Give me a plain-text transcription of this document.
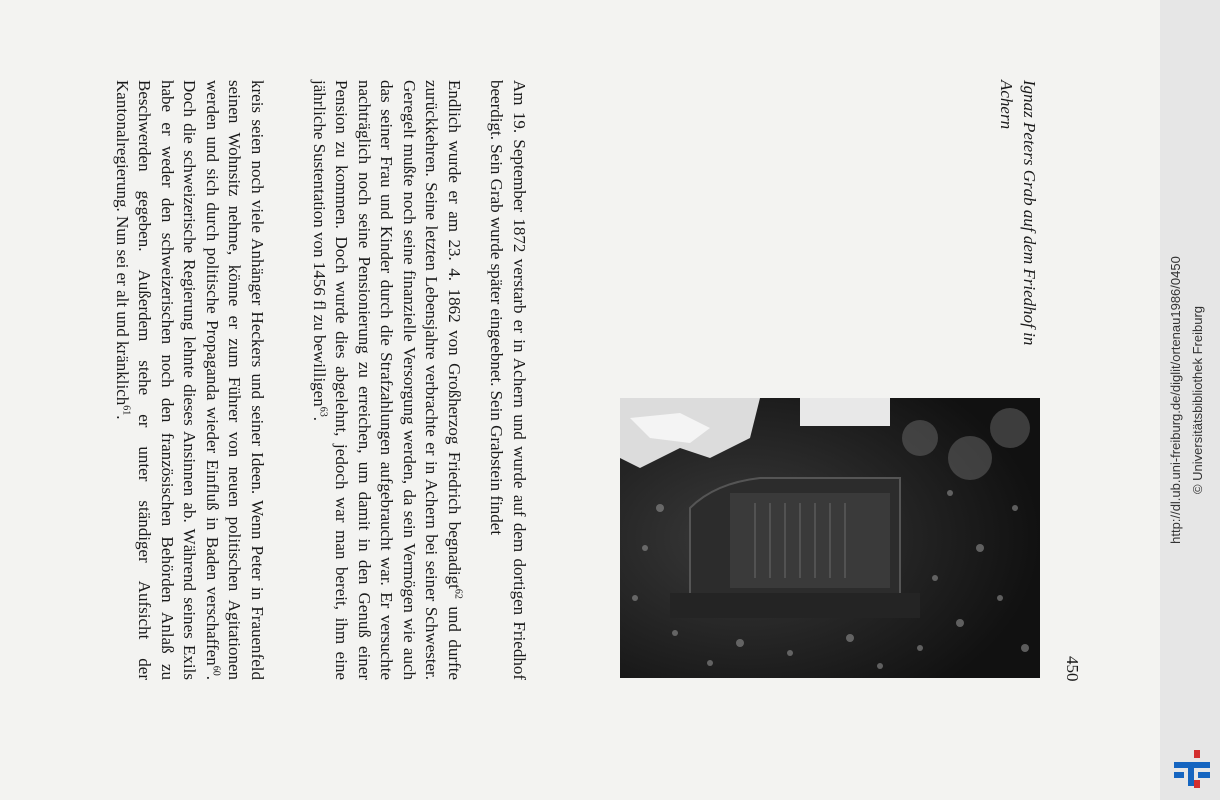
kreis seien noch viele Anhänger Heckers und seiner Ideen. Wenn Peter in Frauenfeld seinen Wohnsitz nehme, könne er zum Führer von neuen politischen Agitationen werden und sich durch politische Propaganda wieder Einfluß in Baden verschaffen$^{60}$. Doch die schweizerische Regierung lehnte dieses Ansinnen ab. Während seines Exils habe er weder den schweizerischen noch den französischen Behörden Anlaß zu Beschwerden gegeben. Außerdem stehe er unter ständiger Aufsicht der Kantonalregierung. Nun sei er alt und kränklich$^{61}$.	Endlich wurde er am 23. 4. 1862 von Großherzog Friedrich begnadigt$^{62}$ und durfte zurückkehren. Seine letzten Lebensjahre verbrachte er in Achern bei seiner Schwester. Geregelt mußte noch seine finanzielle Versorgung werden, da sein Vermögen wie auch das seiner Frau und Kinder durch die Strafzahlungen aufgebraucht war. Er versuchte nachträglich noch seine Pensionierung zu erreichen, um damit in den Genuß einer Pension zu kommen. Doch wurde dies abgelehnt, jedoch war man bereit, ihm eine jährliche Sustentation von 1456 fl zu bewilligen$^{63}$.	Am 19. September 1872 verstarb er in Achern und wurde auf dem dortigen Friedhof beerdigt. Sein Grab wurde später eingeebnet. Sein Grabstein findet	Ignaz Peters Grab auf dem Friedhof in Achern
450
http://dl.ub.uni-freiburg.de/diglit/ortenau1986/0450 © Universitätsbibliothek Freiburg
